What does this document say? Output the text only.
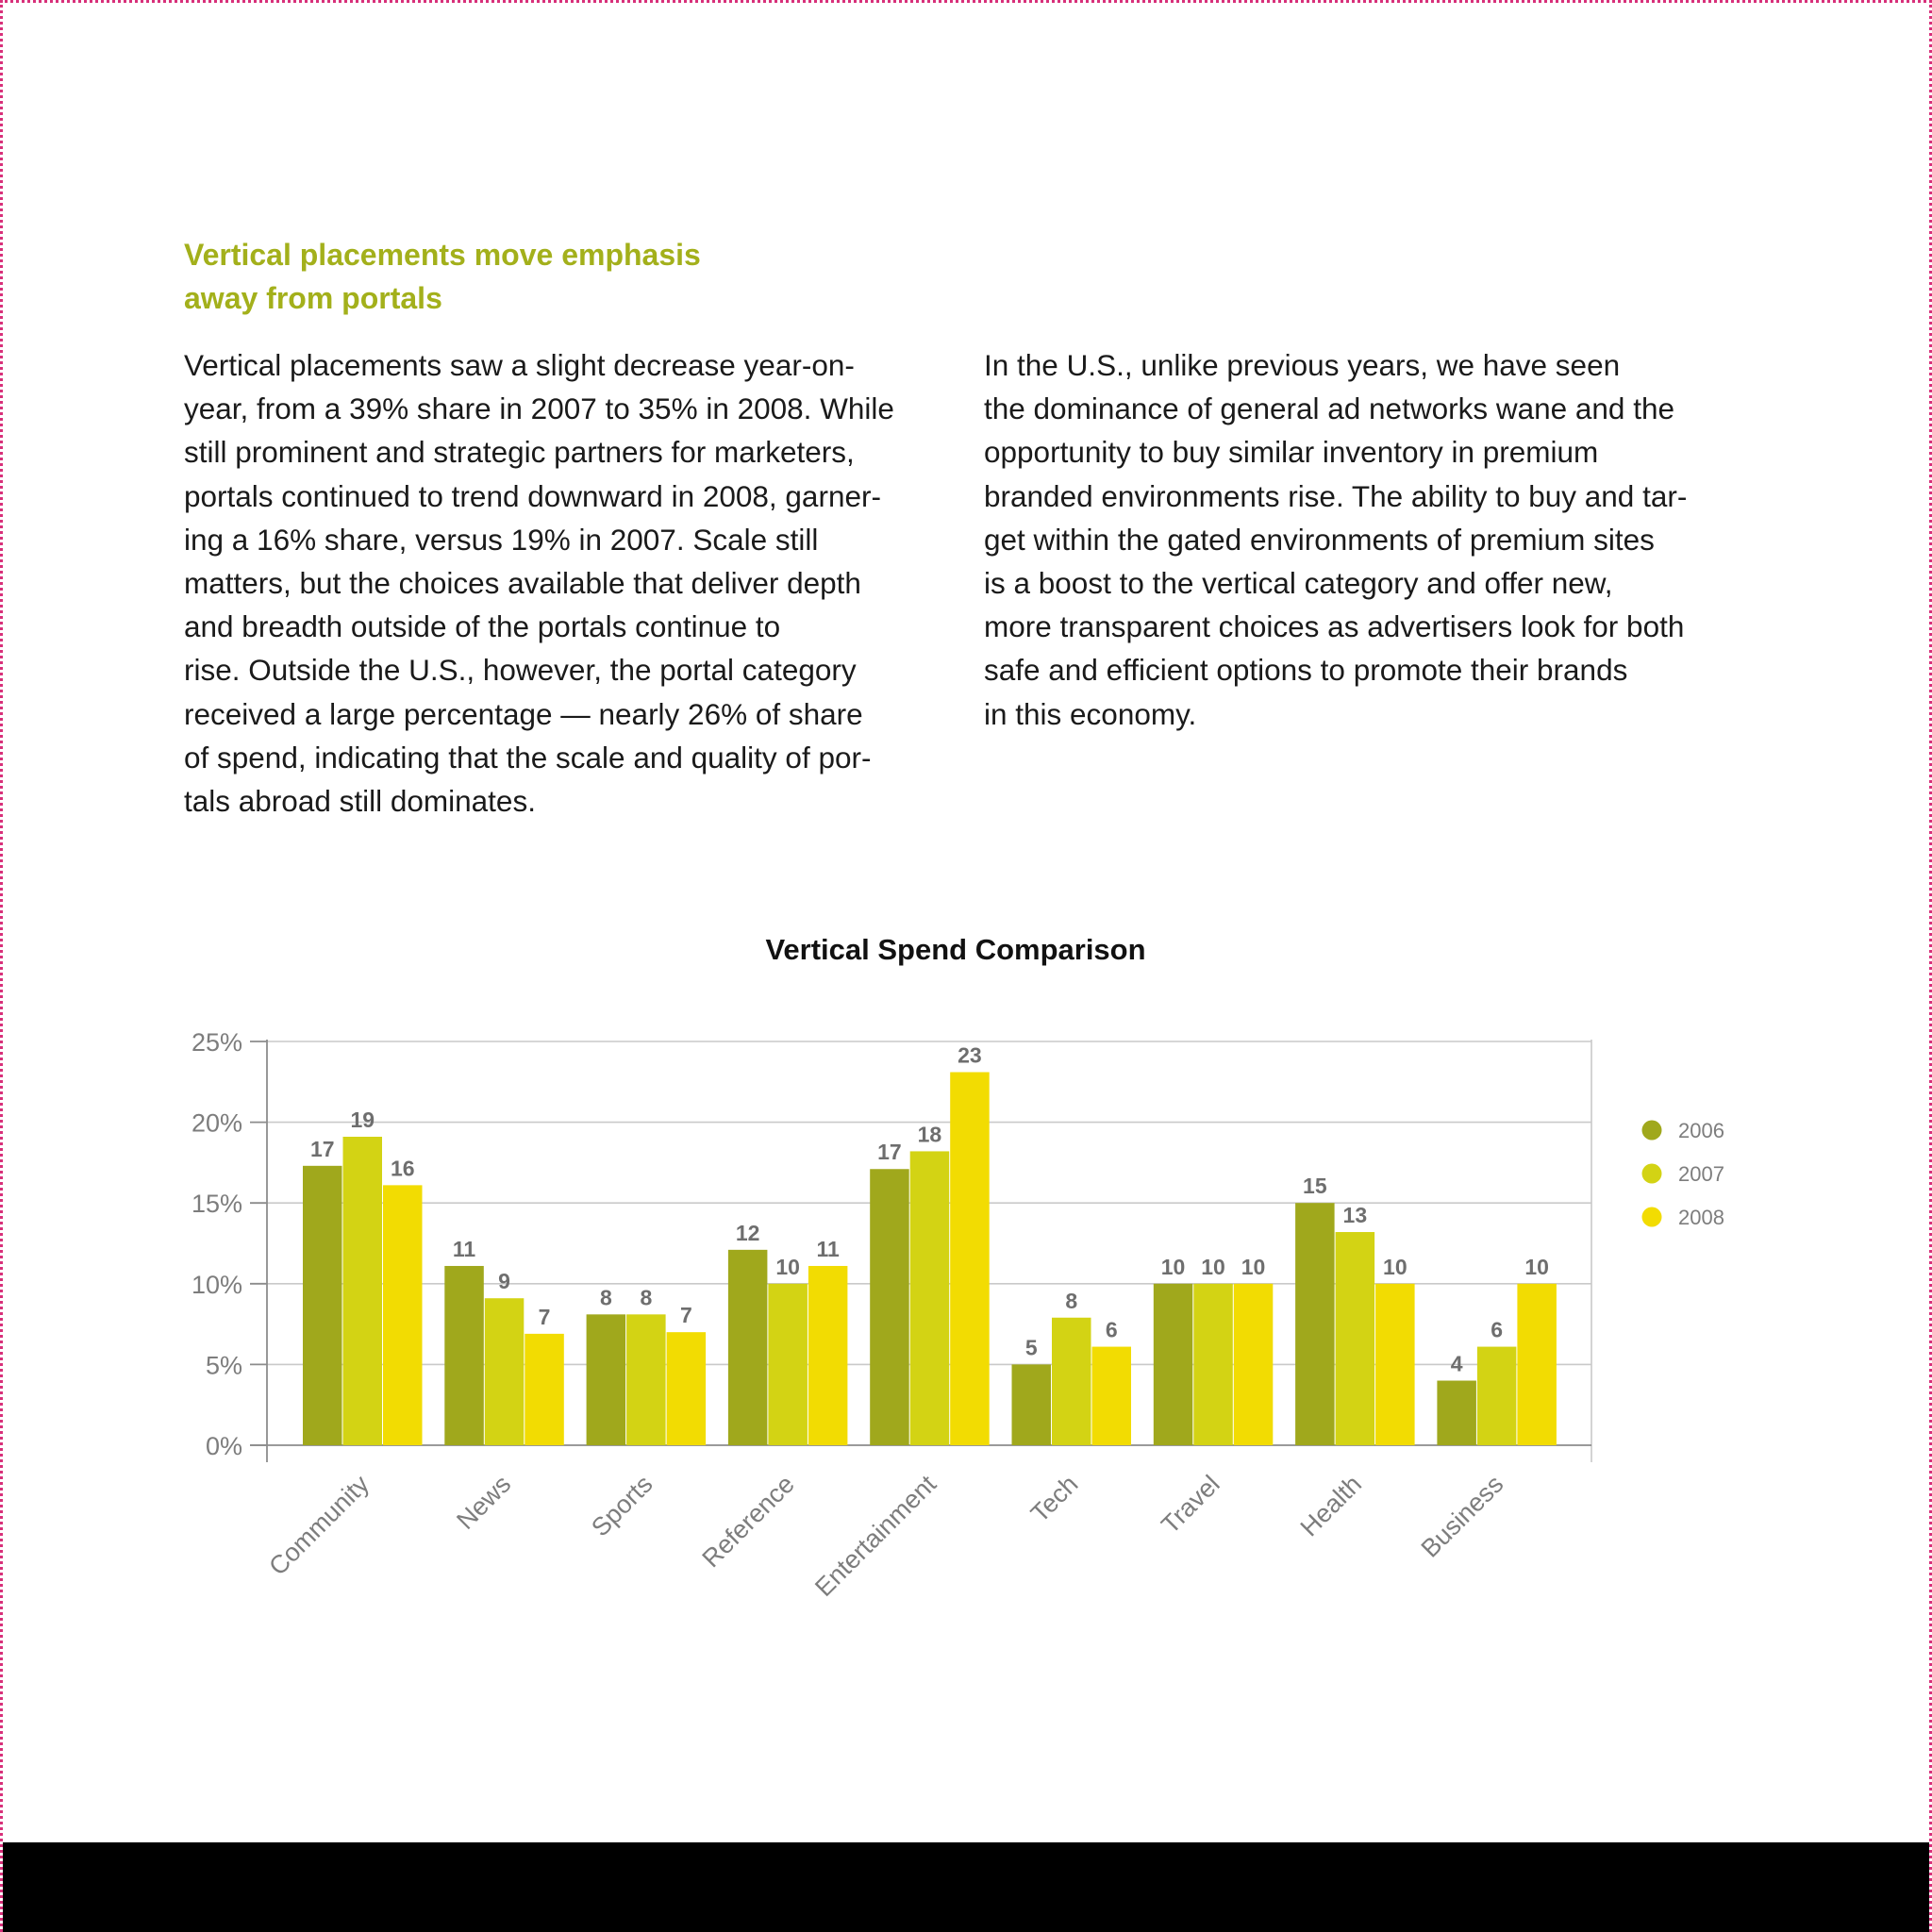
Vertical placements move emphasis
away from portals
Vertical placements saw a slight decrease year-on-
year, from a 39% share in 2007 to 35% in 2008. While
still prominent and strategic partners for marketers,
portals continued to trend downward in 2008, garner-
ing a 16% share, versus 19% in 2007. Scale still
matters, but the choices available that deliver depth
and breadth outside of the portals continue to
rise. Outside the U.S., however, the portal category
received a large percentage — nearly 26% of share
of spend, indicating that the scale and quality of por-
tals abroad still dominates.
In the U.S., unlike previous years, we have seen
the dominance of general ad networks wane and the
opportunity to buy similar inventory in premium
branded environments rise. The ability to buy and tar-
get within the gated environments of premium sites
is a boost to the vertical category and offer new,
more transparent choices as advertisers look for both
safe and efficient options to promote their brands
in this economy.
Vertical Spend Comparison
0%
5%
10%
15%
20%
25%
17
19
16
Community
11
9
7
News
8 8
7
Sports
12
10
11
Reference
17
18
23
Entertainment
5
8
6
Tech
10 10 10
Travel
15
13
10
Health
4
6
10
Business
2006
2007
2008
